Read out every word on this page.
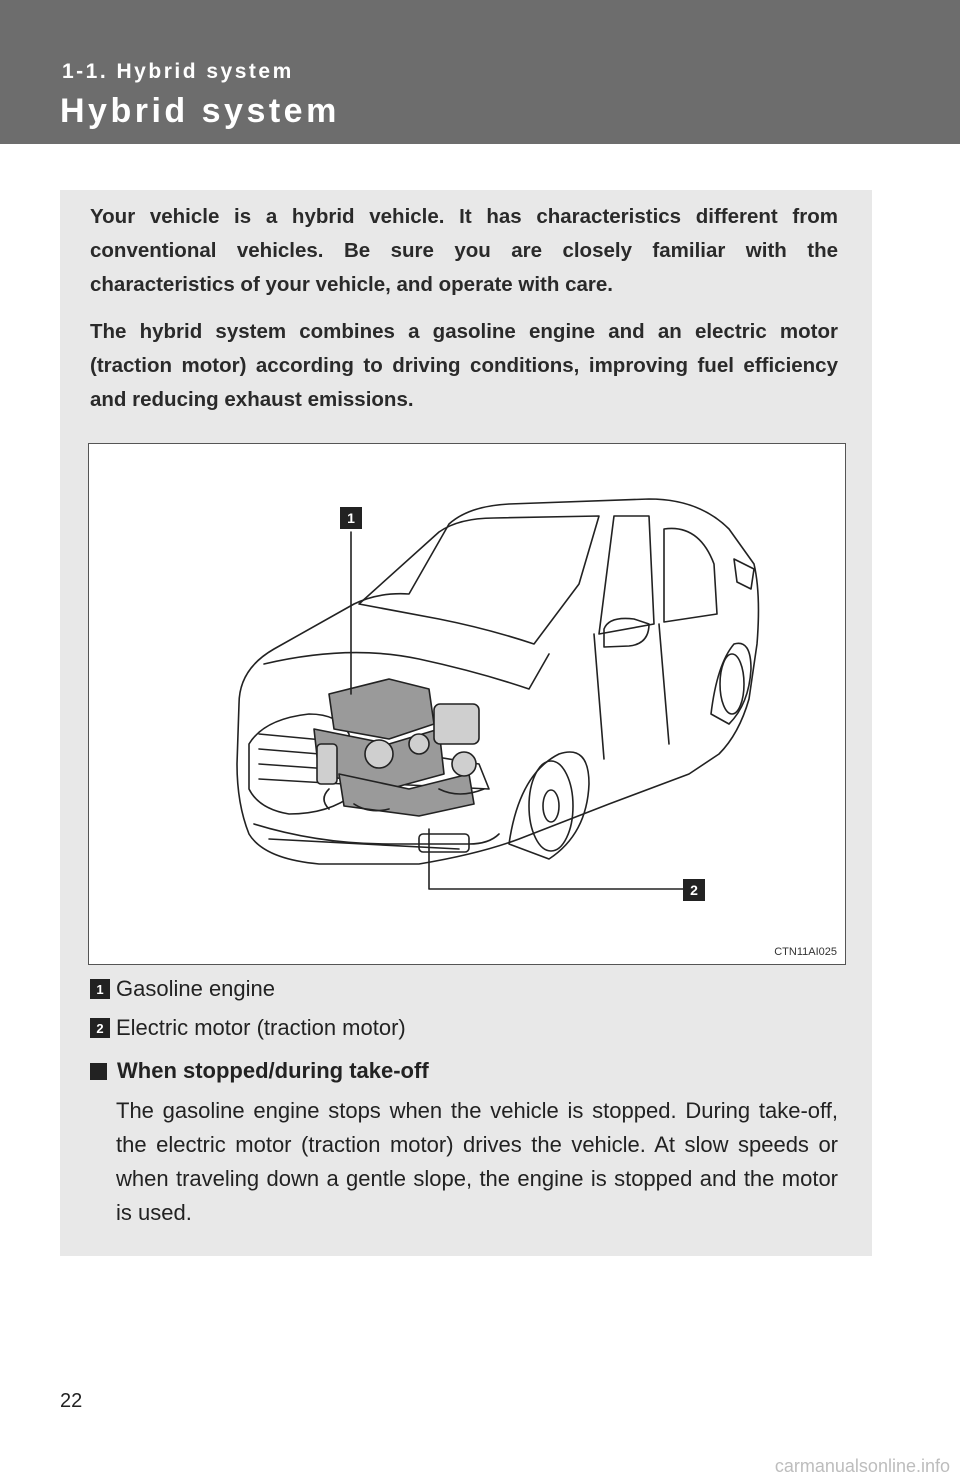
1-1. Hybrid system
Hybrid system

Your vehicle is a hybrid vehicle. It has characteristics different from conventional vehicles. Be sure you are closely familiar with the characteristics of your vehicle, and operate with care.

The hybrid system combines a gasoline engine and an electric motor (traction motor) according to driving conditions, improving fuel efficiency and reducing exhaust emissions.

1
2
CTN11AI025
1 Gasoline engine
2 Electric motor (traction motor)
When stopped/during take-off

The gasoline engine stops when the vehicle is stopped. During take-off, the electric motor (traction motor) drives the vehicle. At slow speeds or when traveling down a gentle slope, the engine is stopped and the motor is used.

22
carmanualsonline.info
